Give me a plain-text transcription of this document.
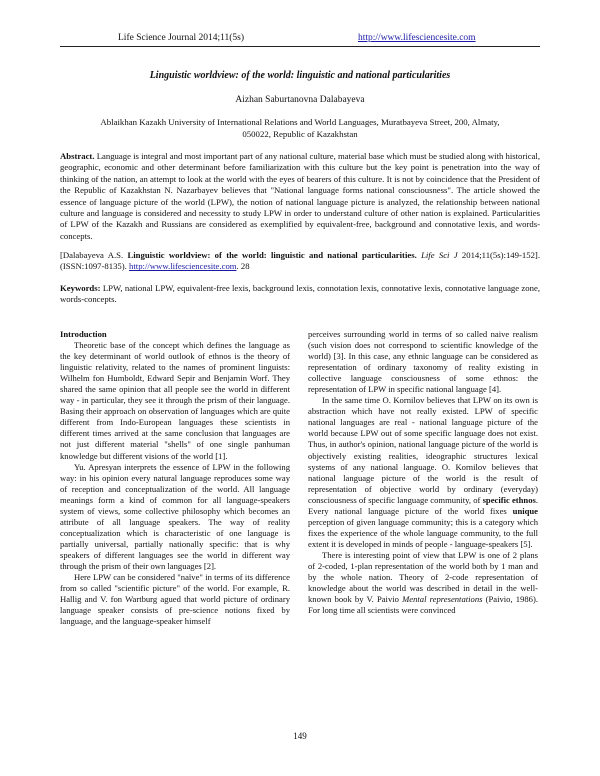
Life Science Journal 2014;11(5s)	http://www.lifesciencesite.com
Linguistic worldview: of the world: linguistic and national particularities
Aizhan Saburtanovna Dalabayeva
Ablaikhan Kazakh University of International Relations and World Languages, Muratbayeva Street, 200, Almaty, 050022, Republic of Kazakhstan
Abstract. Language is integral and most important part of any national culture, material base which must be studied along with historical, geographic, economic and other determinant before familiarization with this culture but the key point is penetration into the way of thinking of the nation, an attempt to look at the world with the eyes of bearers of this culture. It is not by coincidence that the President of the Republic of Kazakhstan N. Nazarbayev believes that "National language forms national consciousness". The article showed the essence of language picture of the world (LPW), the notion of national language picture is analyzed, the relationship between national culture and language is considered and necessity to study LPW in order to understand culture of other nation is explained. Particularities of LPW of the Kazakh and Russians are considered as exemplified by equivalent-free, background and connotative lexis, and words-concepts.
[Dalabayeva A.S. Linguistic worldview: of the world: linguistic and national particularities. Life Sci J 2014;11(5s):149-152]. (ISSN:1097-8135). http://www.lifesciencesite.com. 28
Keywords: LPW, national LPW, equivalent-free lexis, background lexis, connotation lexis, connotative lexis, connotative language zone, words-concepts.

Introduction

Theoretic base of the concept which defines the language as the key determinant of world outlook of ethnos is the theory of linguistic relativity, related to the names of prominent linguists: Wilhelm fon Humboldt, Edward Sepir and Benjamin Worf. They shared the same opinion that all people see the world in different way - in particular, they see it through the prism of their language. Basing their approach on observation of languages which are quite different from Indo-European languages these scientists in different times arrived at the same conclusion that languages are not just different material "shells" of one single panhuman knowledge but different visions of the world [1].

Yu. Apresyan interprets the essence of LPW in the following way: in his opinion every natural language reproduces some way of reception and conceptualization of the world. All language meanings form a kind of common for all language-speakers system of views, some collective philosophy which becomes an attribute of all language speakers. The way of reality conceptualization which is characteristic of one language is partially universal, partially nationally specific: that is why speakers of different languages see the world in different way through the prism of their own languages [2].

Here LPW can be considered "naïve" in terms of its difference from so called "scientific picture" of the world. For example, R. Hallig and V. fon Wartburg agued that world picture of ordinary language speaker consists of pre-science notions fixed by language, and the language-speaker himself

perceives surrounding world in terms of so called naive realism (such vision does not correspond to scientific knowledge of the world) [3]. In this case, any ethnic language can be considered as representation of ordinary taxonomy of reality existing in collective language consciousness of some ethnos: the representation of LPW in specific national language [4].

In the same time O. Kornilov believes that LPW on its own is abstraction which have not really existed. LPW of specific national languages are real - national language picture of the world because LPW out of some specific language does not exist. Thus, in author's opinion, national language picture of the world is objectively existing realities, ideographic structures lexical systems of any national language. O. Kornilov believes that national language picture of the world is the result of representation of objective world by ordinary (everyday) consciousness of specific language community, of specific ethnos. Every national language picture of the world fixes unique perception of given language community; this is a category which fixes the experience of the whole language community, to the full extent it is developed in minds of people - language-speakers [5].

There is interesting point of view that LPW is one of 2 plans of 2-coded, 1-plan representation of the world both by 1 man and by the whole nation. Theory of 2-code representation of knowledge about the world was described in detail in the well-known book by V. Paivio Mental representations (Paivio, 1986). For long time all scientists were convinced

149
